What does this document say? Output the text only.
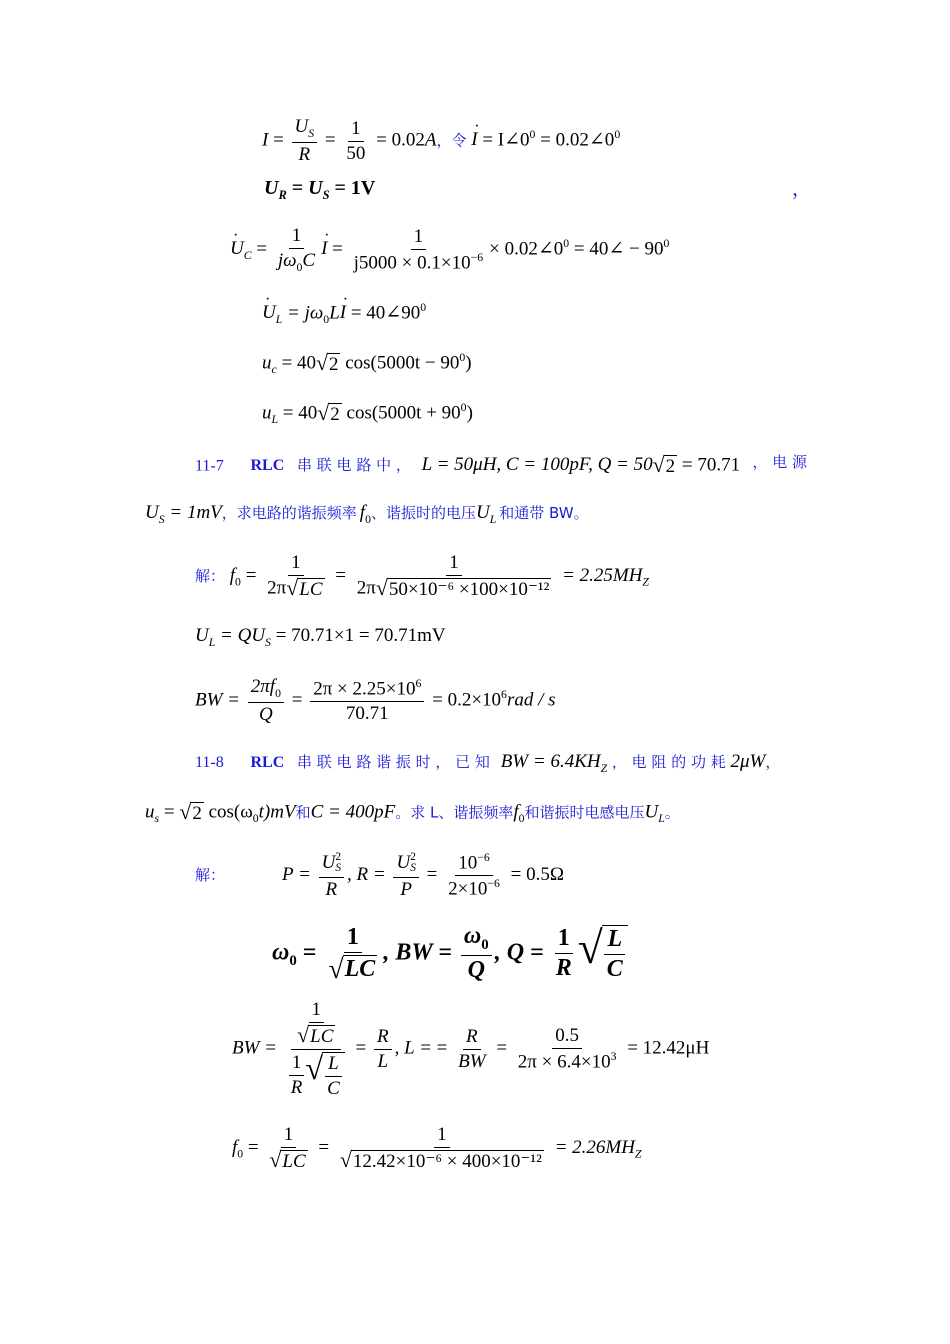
$I = \frac{U_S}{R} = \frac{1}{50} = 0.02A$，令 · $I = I\angle 0^0$ = $0.02\angle 0^0$
$U_R = U_S = 1V$	，
· $U_C = \frac{1}{j\omega_0C}$
· $I = \frac{1}{j5000 \times 0.1\times 10^{-6}}$ × $0.02\angle 0^0$ = 40∠ − $90^0$
· $U_L = j\omega_0L\cdot I$ = $40\angle 90^0$
$u_c = 40$ √ 2 $\cos(5000t - 90^0)$
$u_L = 40$ √ 2 $\cos(5000t + 90^0)$
11-7 RLC 串 联 电 路 中 ， L = 50μH, C = 100pF, Q = 50 √ 2 = 70.71 ， 电 源
$U_S = 1mV$，求电路的谐振频率 $f_0$、谐振时的电压$U_L$ 和通带 BW。
解： $f_0 = \frac{1}{2\pi √ LC} = \frac{1}{\text{2π √ 50×10⁻⁶ ×100×10⁻¹²}} = 2.25MH_Z$
$U_L = QU_S = 70.71\times 1 = 70.71mV$
BW = $\frac{2\pi f_0}{Q} = \frac{2\pi \times 2.25\times 10^6}{70.71} = 0.2\times 10^6rad / s$
11-8 RLC 串 联 电 路 谐 振 时 ， 已 知 BW = $6.4KH_Z$ ， 电 阻 的 功 耗 2μW，
$u_s$ = √ 2 $\cos(\omega_0t)mV$和C = 400pF。求 L、谐振频率$f_0$和谐振时电感电压$U_L$。
解：	P = U 2
S
R , R = U 2
S
$P = \frac{10^{-6}}{2\times 10^{-6}} = 0.5\Omega$
$\omega_0 = \frac{1}{√ LC}$ , BW = $\frac{\omega_0}{Q}$ , $Q = \frac{1}{R}$ √ $\frac{L}{C}$
BW = $\frac{\frac{1}{√ LC}}{\frac{1}{R} √ \frac{L}{C}} = \frac{R}{L}$ , L = = $\frac{R}{BW} = \frac{0.5}{2\pi \times 6.4\times 10^3} = 12.42\mu H$
$f_0 = \frac{1}{√ LC} = \frac{1}{\text{√ 12.42×10⁻⁶ × 400×10⁻¹²}} = 2.26MH_Z$
